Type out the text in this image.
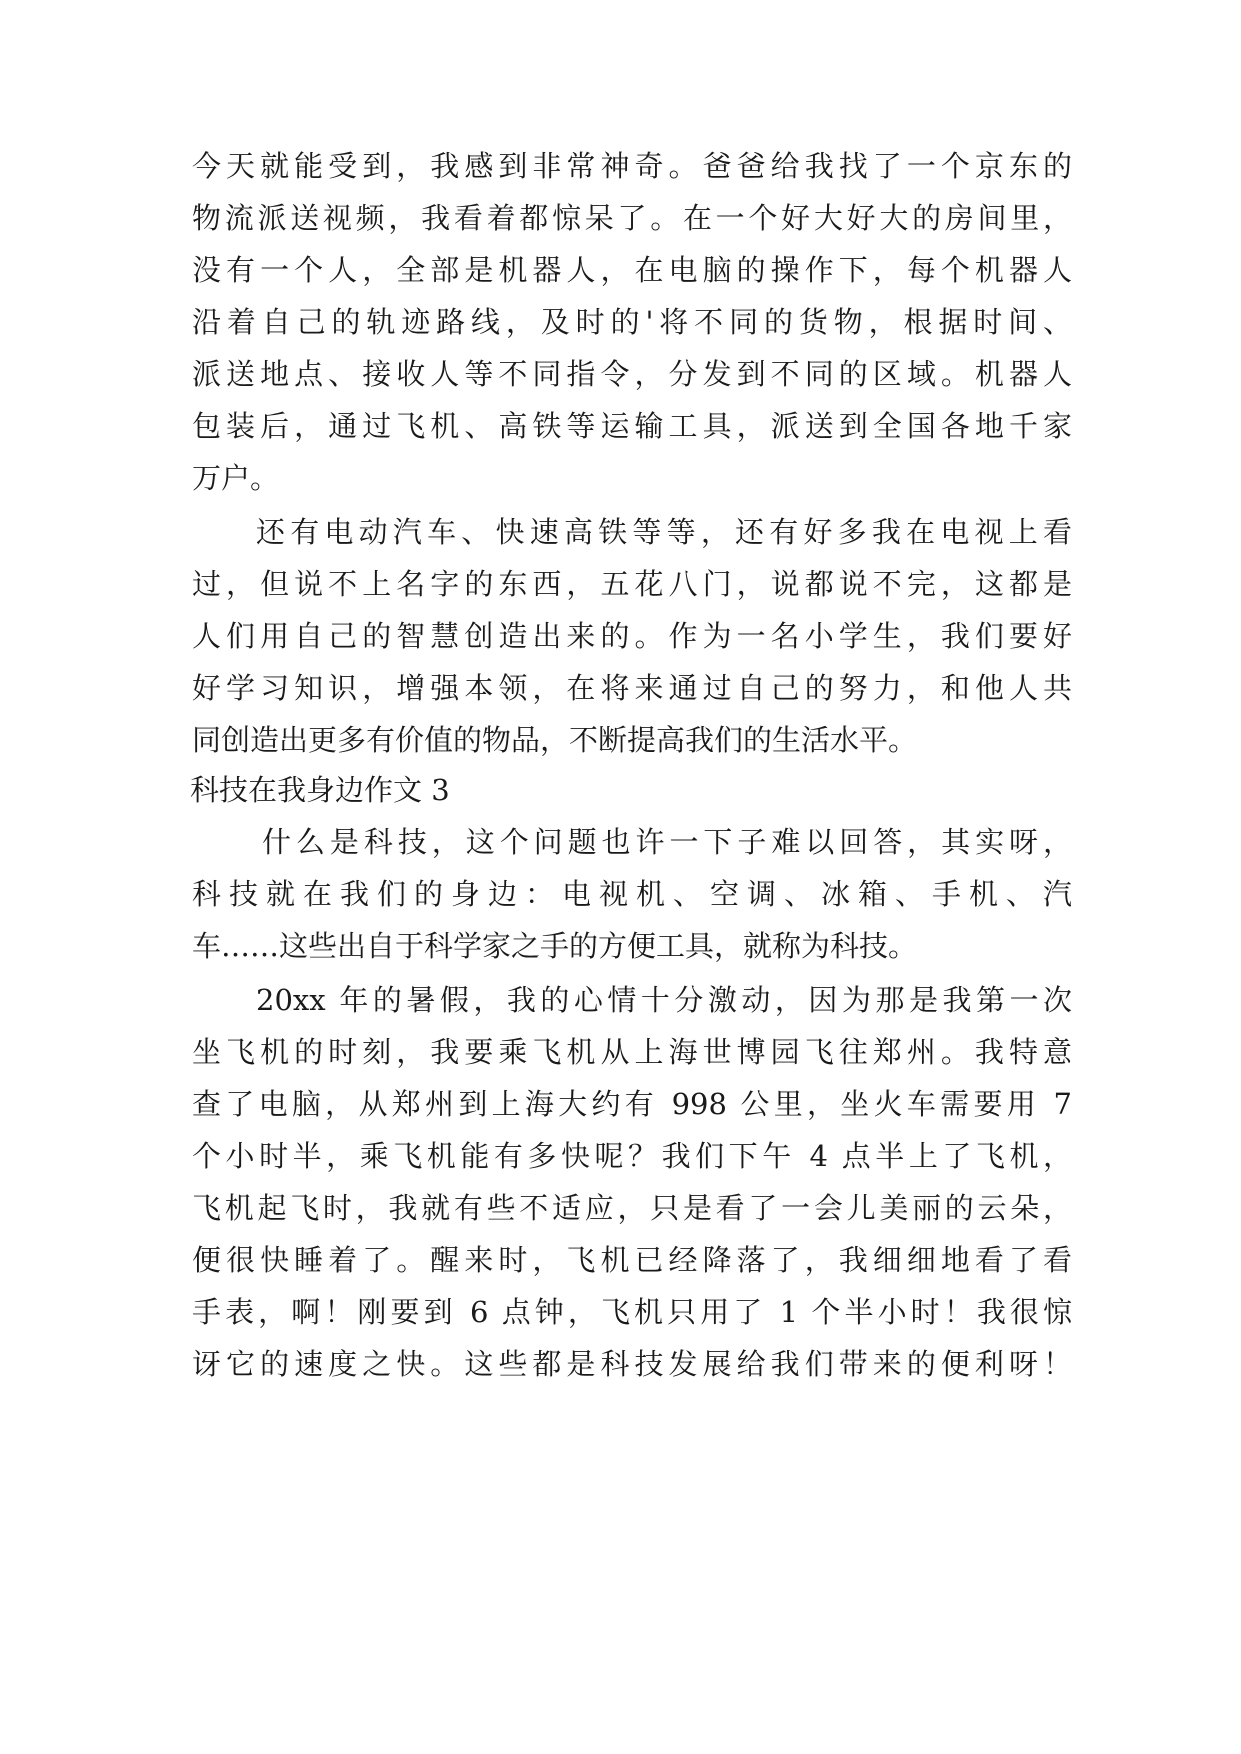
今天就能受到，我感到非常神奇。爸爸给我找了一个京东的

物流派送视频，我看着都惊呆了。在一个好大好大的房间里，

没有一个人，全部是机器人，在电脑的操作下，每个机器人

沿着自己的轨迹路线，及时的'将不同的货物，根据时间、

派送地点、接收人等不同指令，分发到不同的区域。机器人

包装后，通过飞机、高铁等运输工具，派送到全国各地千家

万户。

还有电动汽车、快速高铁等等，还有好多我在电视上看

过，但说不上名字的东西，五花八门，说都说不完，这都是

人们用自己的智慧创造出来的。作为一名小学生，我们要好

好学习知识，增强本领，在将来通过自己的努力，和他人共

同创造出更多有价值的物品，不断提高我们的生活水平。

科技在我身边作文 3

什么是科技，这个问题也许一下子难以回答，其实呀，

科技就在我们的身边：电视机、空调、冰箱、手机、汽

车……这些出自于科学家之手的方便工具，就称为科技。

20xx 年的暑假，我的心情十分激动，因为那是我第一次

坐飞机的时刻，我要乘飞机从上海世博园飞往郑州。我特意

查了电脑，从郑州到上海大约有 998 公里，坐火车需要用 7

个小时半，乘飞机能有多快呢？我们下午 4 点半上了飞机，

飞机起飞时，我就有些不适应，只是看了一会儿美丽的云朵，

便很快睡着了。醒来时，飞机已经降落了，我细细地看了看

手表，啊！刚要到 6 点钟，飞机只用了 1 个半小时！我很惊

讶它的速度之快。这些都是科技发展给我们带来的便利呀！
